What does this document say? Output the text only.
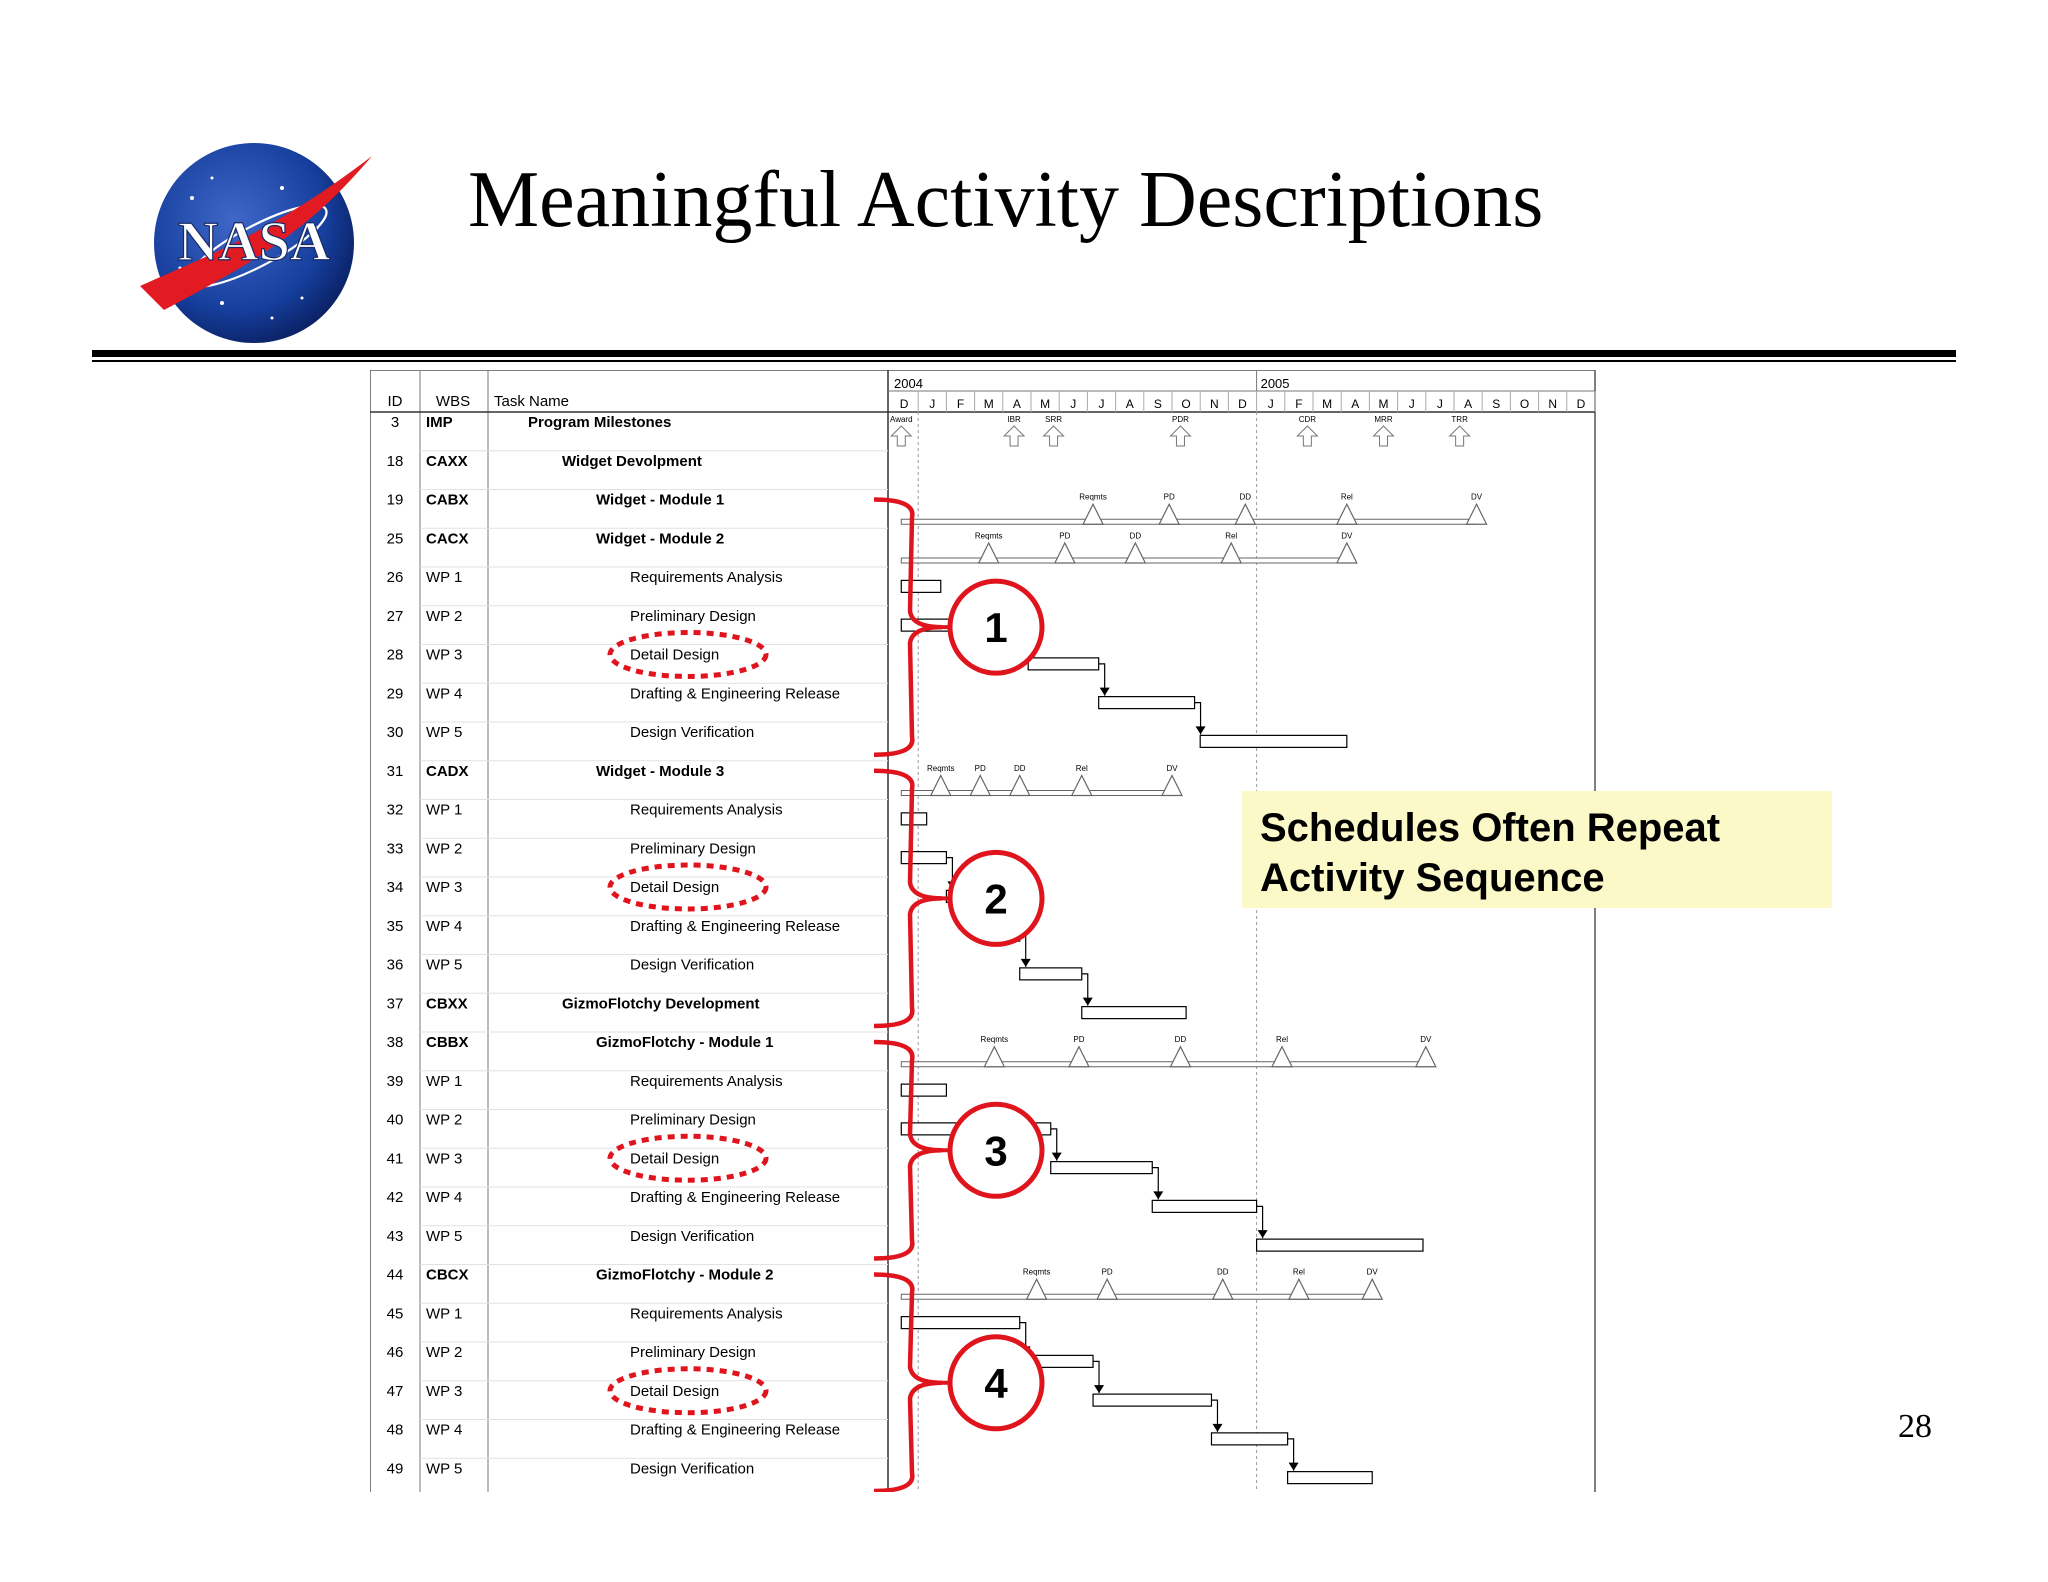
NASA Meaningful Activity Descriptions
ID WBS Task Name
2004	2005
D J F M A M J J A S O N D J F M A M J J A S O N D
3 IMP	Program Milestones
18 CAXX	Widget Devolpment
19 CABX	Widget - Module 1
25 CACX	Widget - Module 2
26 WP 1	Requirements Analysis
27 WP 2	Preliminary Design
28 WP 3	Detail Design
29 WP 4	Drafting & Engineering Release
30 WP 5	Design Verification
31 CADX	Widget - Module 3
32 WP 1	Requirements Analysis
33 WP 2	Preliminary Design
34 WP 3	Detail Design
35 WP 4	Drafting & Engineering Release
36 WP 5	Design Verification
37 CBXX	GizmoFlotchy Development
38 CBBX	GizmoFlotchy - Module 1
39 WP 1	Requirements Analysis
40 WP 2	Preliminary Design
41 WP 3	Detail Design
42 WP 4	Drafting & Engineering Release
43 WP 5	Design Verification
44 CBCX	GizmoFlotchy - Module 2
45 WP 1	Requirements Analysis
46 WP 2	Preliminary Design
47 WP 3	Detail Design
48 WP 4	Drafting & Engineering Release
49 WP 5	Design Verification
Award	IBR	SRR	PDR	CDR	MRR	TRR
Reqmts	PD	DD	Rel	DV
Reqmts	PD	DD	Rel	DV
Reqmts	PD	DD	Rel	DV
Reqmts	PD	DD	Rel	DV
Reqmts	PD	DD	Rel	DV
1
2
3
4
Schedules Often Repeat
Activity Sequence
28
